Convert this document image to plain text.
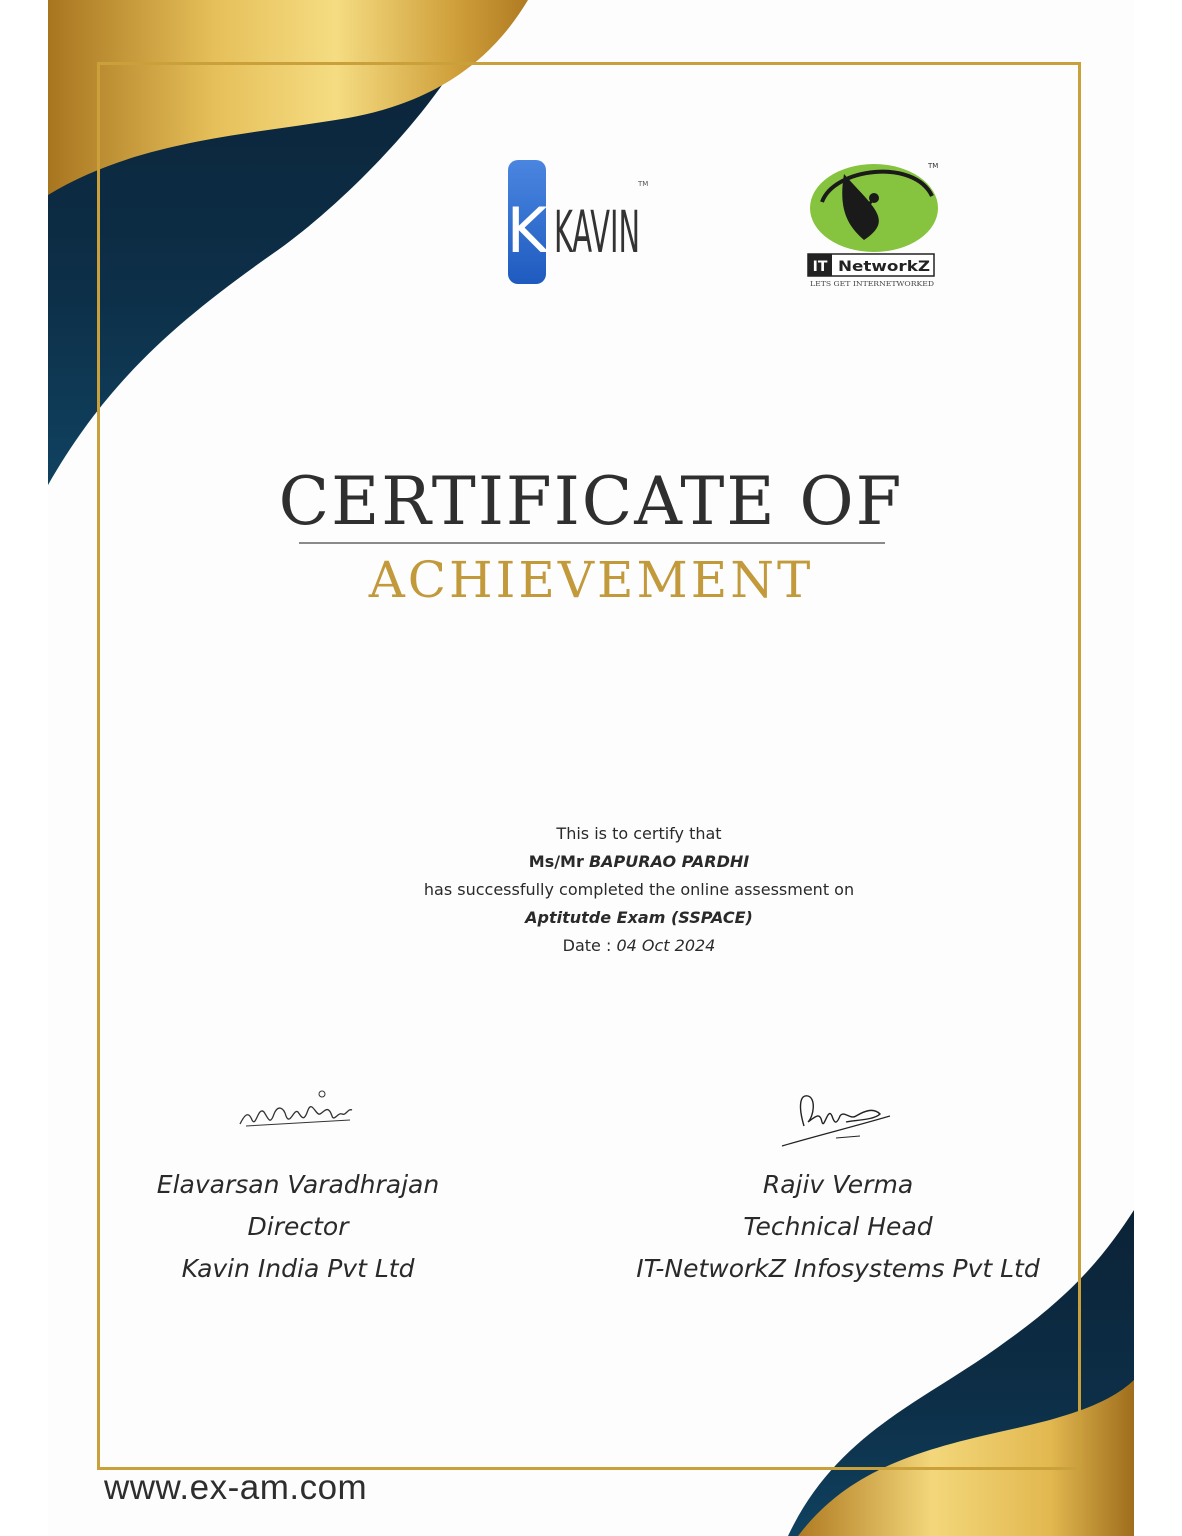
K KAVIN
TM
TM
IT NetworkZ
LETS GET INTERNETWORKED
CERTIFICATE OF
ACHIEVEMENT
This is to certify that
Ms/Mr BAPURAO PARDHI
has successfully completed the online assessment on
Aptitutde Exam (SSPACE)
Date : 04 Oct 2024
Elavarsan Varadhrajan
Director
Kavin India Pvt Ltd
Rajiv Verma
Technical Head
IT-NetworkZ Infosystems Pvt Ltd
www.ex-am.com
